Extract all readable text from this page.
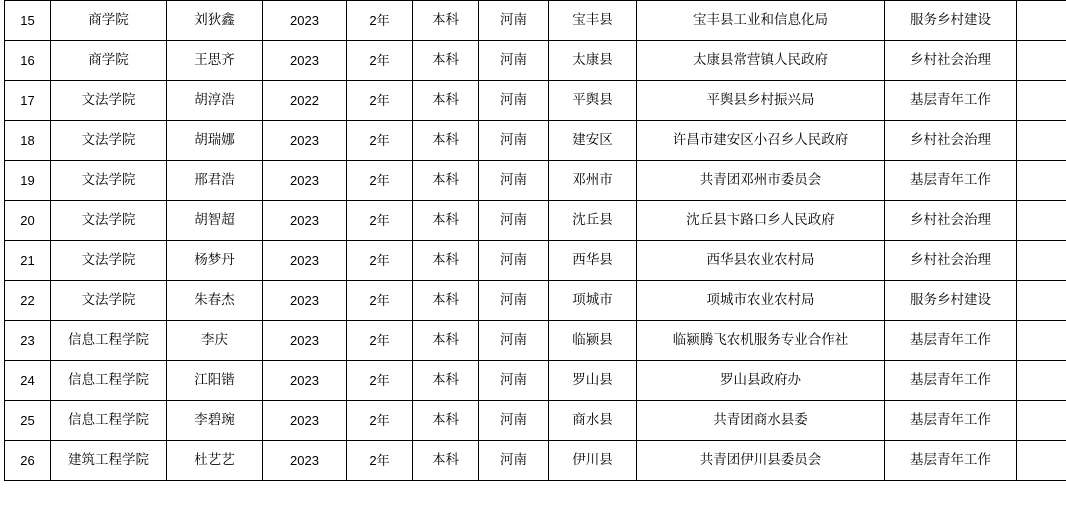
15	商学院	刘狄鑫	2023	2年	本科	河南	宝丰县	宝丰县工业和信息化局	服务乡村建设	
16	商学院	王思齐	2023	2年	本科	河南	太康县	太康县常营镇人民政府	乡村社会治理	
17	文法学院	胡淳浩	2022	2年	本科	河南	平舆县	平舆县乡村振兴局	基层青年工作	
18	文法学院	胡瑞娜	2023	2年	本科	河南	建安区	许昌市建安区小召乡人民政府	乡村社会治理	
19	文法学院	邢君浩	2023	2年	本科	河南	邓州市	共青团邓州市委员会	基层青年工作	
20	文法学院	胡智超	2023	2年	本科	河南	沈丘县	沈丘县卞路口乡人民政府	乡村社会治理	
21	文法学院	杨梦丹	2023	2年	本科	河南	西华县	西华县农业农村局	乡村社会治理	
22	文法学院	朱春杰	2023	2年	本科	河南	项城市	项城市农业农村局	服务乡村建设	
23	信息工程学院	李庆	2023	2年	本科	河南	临颍县	临颍腾飞农机服务专业合作社	基层青年工作	
24	信息工程学院	江阳锴	2023	2年	本科	河南	罗山县	罗山县政府办	基层青年工作	
25	信息工程学院	李碧琬	2023	2年	本科	河南	商水县	共青团商水县委	基层青年工作	
26	建筑工程学院	杜艺艺	2023	2年	本科	河南	伊川县	共青团伊川县委员会	基层青年工作	
